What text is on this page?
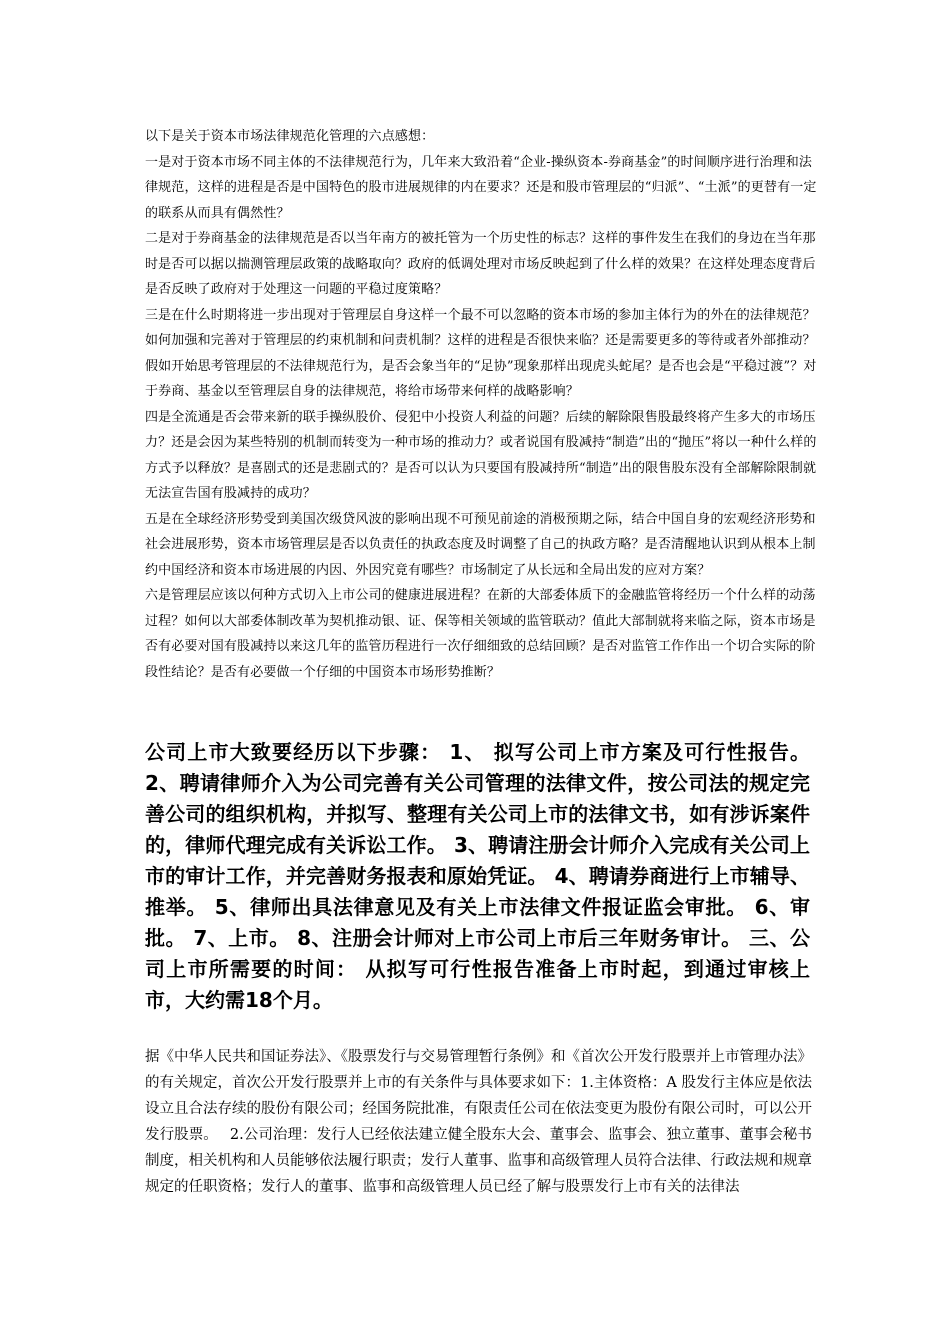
以下是关于资本市场法律规范化管理的六点感想：

一是对于资本市场不同主体的不法律规范行为，几年来大致沿着“企业-操纵资本-券商基金”的时间顺序进行治理和法律规范，这样的进程是否是中国特色的股市进展规律的内在要求？还是和股市管理层的“归派”、“土派”的更替有一定的联系从而具有偶然性？

二是对于券商基金的法律规范是否以当年南方的被托管为一个历史性的标志？这样的事件发生在我们的身边在当年那时是否可以据以揣测管理层政策的战略取向？政府的低调处理对市场反映起到了什么样的效果？在这样处理态度背后是否反映了政府对于处理这一问题的平稳过度策略？

三是在什么时期将进一步出现对于管理层自身这样一个最不可以忽略的资本市场的参加主体行为的外在的法律规范？如何加强和完善对于管理层的约束机制和问责机制？这样的进程是否很快来临？还是需要更多的等待或者外部推动？假如开始思考管理层的不法律规范行为，是否会象当年的“足协”现象那样出现虎头蛇尾？是否也会是“平稳过渡”？对于券商、基金以至管理层自身的法律规范，将给市场带来何样的战略影响？

四是全流通是否会带来新的联手操纵股价、侵犯中小投资人利益的问题？后续的解除限售股最终将产生多大的市场压力？还是会因为某些特别的机制而转变为一种市场的推动力？或者说国有股减持“制造”出的“抛压”将以一种什么样的方式予以释放？是喜剧式的还是悲剧式的？是否可以认为只要国有股减持所“制造”出的限售股东没有全部解除限制就无法宣告国有股减持的成功？

五是在全球经济形势受到美国次级贷风波的影响出现不可预见前途的消极预期之际，结合中国自身的宏观经济形势和社会进展形势，资本市场管理层是否以负责任的执政态度及时调整了自己的执政方略？是否清醒地认识到从根本上制约中国经济和资本市场进展的内因、外因究竟有哪些？市场制定了从长远和全局出发的应对方案？

六是管理层应该以何种方式切入上市公司的健康进展进程？在新的大部委体质下的金融监管将经历一个什么样的动荡过程？如何以大部委体制改革为契机推动银、证、保等相关领域的监管联动？值此大部制就将来临之际，资本市场是否有必要对国有股减持以来这几年的监管历程进行一次仔细细致的总结回顾？是否对监管工作作出一个切合实际的阶段性结论？是否有必要做一个仔细的中国资本市场形势推断？

公司上市大致要经历以下步骤： 1、 拟写公司上市方案及可行性报告。 2、聘请律师介入为公司完善有关公司管理的法律文件，按公司法的规定完善公司的组织机构，并拟写、整理有关公司上市的法律文书，如有涉诉案件的，律师代理完成有关诉讼工作。 3、聘请注册会计师介入完成有关公司上市的审计工作，并完善财务报表和原始凭证。 4、聘请券商进行上市辅导、推举。 5、律师出具法律意见及有关上市法律文件报证监会审批。 6、审批。 7、上市。 8、注册会计师对上市公司上市后三年财务审计。 三、公司上市所需要的时间： 从拟写可行性报告准备上市时起，到通过审核上市，大约需18个月。

据《中华人民共和国证券法》、《股票发行与交易管理暂行条例》和《首次公开发行股票并上市管理办法》的有关规定，首次公开发行股票并上市的有关条件与具体要求如下：1.主体资格：A 股发行主体应是依法设立且合法存续的股份有限公司；经国务院批准，有限责任公司在依法变更为股份有限公司时，可以公开发行股票。　 2.公司治理：发行人已经依法建立健全股东大会、董事会、监事会、独立董事、董事会秘书制度，相关机构和人员能够依法履行职责；发行人董事、监事和高级管理人员符合法律、行政法规和规章规定的任职资格；发行人的董事、监事和高级管理人员已经了解与股票发行上市有关的法律法
